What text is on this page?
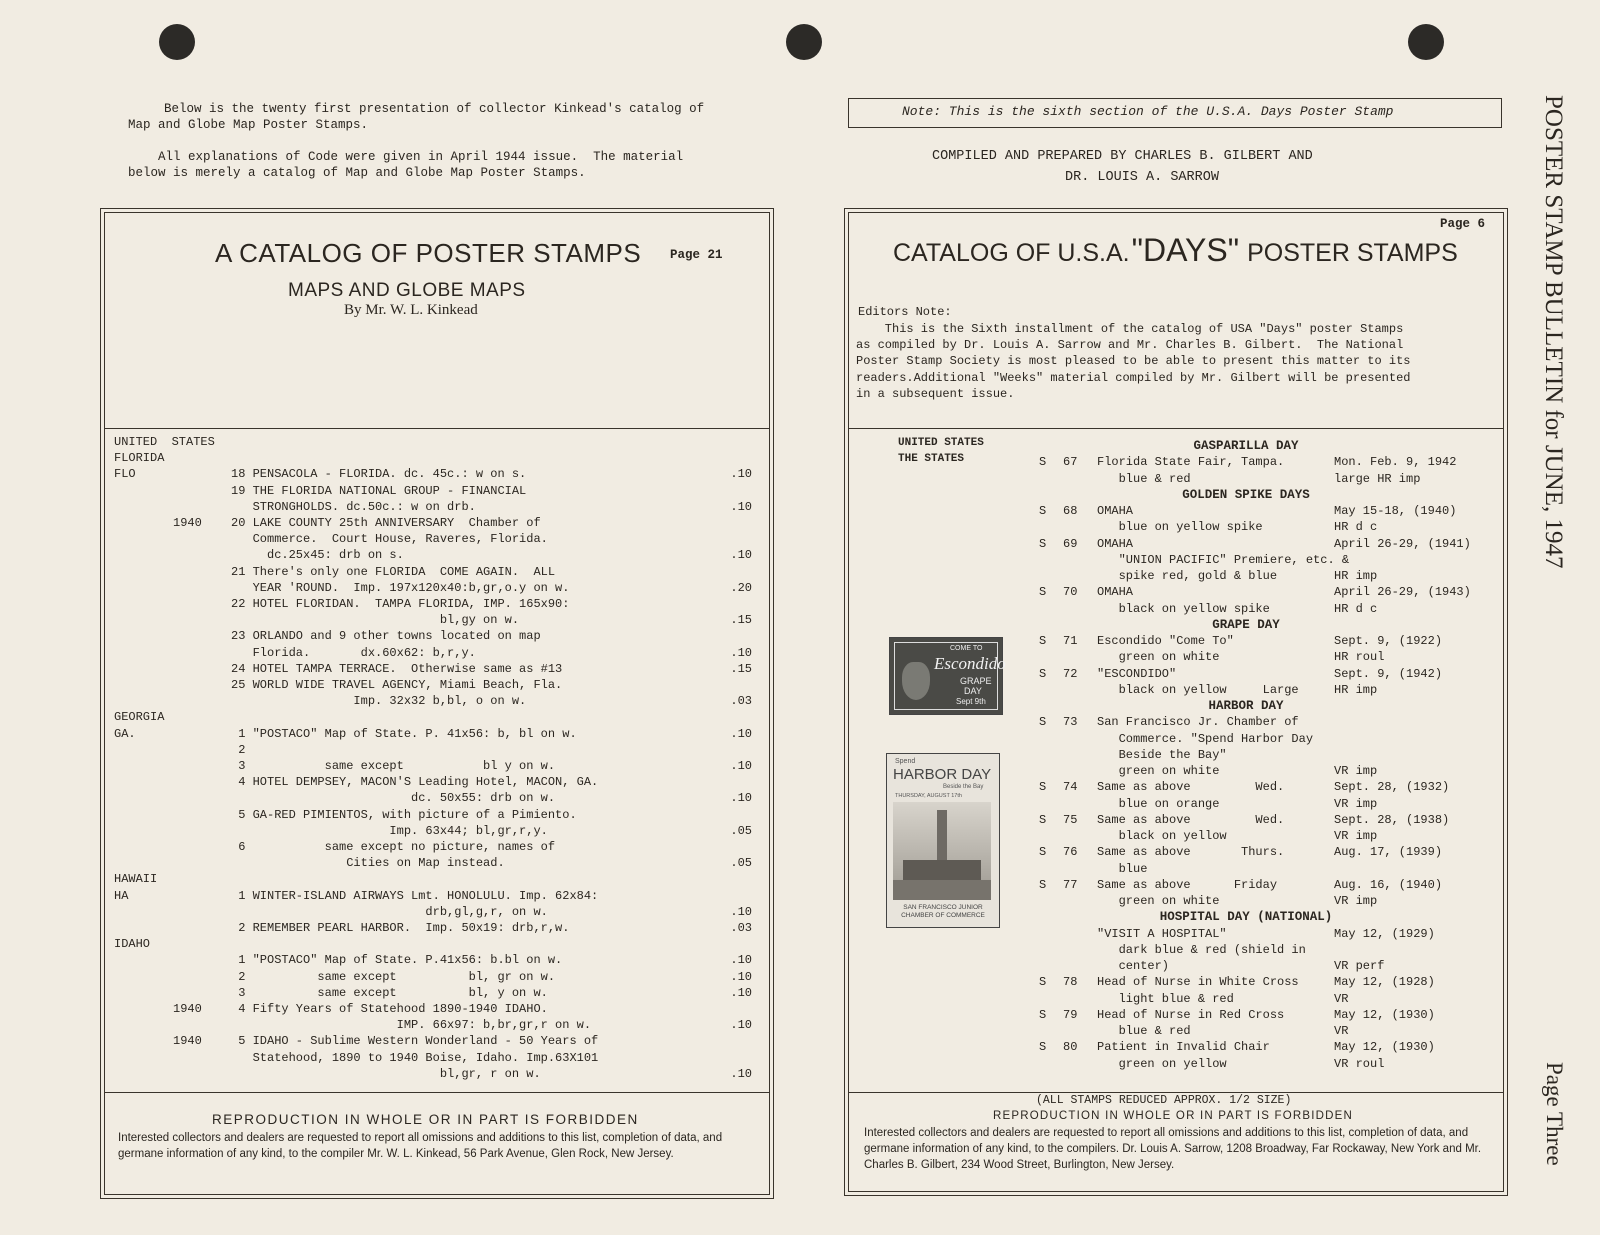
Below is the twenty first presentation of collector Kinkead's catalog of
Map and Globe Map Poster Stamps.
All explanations of Code were given in April 1944 issue.  The material
below is merely a catalog of Map and Globe Map Poster Stamps.
A CATALOG OF POSTER STAMPS Page 21
MAPS AND GLOBE MAPS
By Mr. W. L. Kinkead
UNITED  STATES
FLORIDA
FLO	18 PENSACOLA - FLORIDA. dc. 45c.: w on s.	.10
19 THE FLORIDA NATIONAL GROUP - FINANCIAL
STRONGHOLDS. dc.50c.: w on drb.	.10
1940 20 LAKE COUNTY 25th ANNIVERSARY  Chamber of
Commerce.  Court House, Raveres, Florida.
dc.25x45: drb on s.	.10
21 There's only one FLORIDA  COME AGAIN.  ALL
YEAR 'ROUND.  Imp. 197x120x40:b,gr,o.y on w.	.20
22 HOTEL FLORIDAN.  TAMPA FLORIDA, IMP. 165x90:
bl,gy on w.	.15
23 ORLANDO and 9 other towns located on map
Florida.       dx.60x62: b,r,y.	.10
24 HOTEL TAMPA TERRACE.  Otherwise same as #13	.15
25 WORLD WIDE TRAVEL AGENCY, Miami Beach, Fla.
Imp. 32x32 b,bl, o on w.	.03
GEORGIA
GA.	1 "POSTACO" Map of State. P. 41x56: b, bl on w.	.10
2
3           same except           bl y on w.	.10
4 HOTEL DEMPSEY, MACON'S Leading Hotel, MACON, GA.
dc. 50x55: drb on w.	.10
5 GA-RED PIMIENTOS, with picture of a Pimiento.
Imp. 63x44; bl,gr,r,y.	.05
6           same except no picture, names of
Cities on Map instead.	.05
HAWAII
HA	1 WINTER-ISLAND AIRWAYS Lmt. HONOLULU. Imp. 62x84:
drb,gl,g,r, on w.	.10
2 REMEMBER PEARL HARBOR.  Imp. 50x19: drb,r,w.	.03
IDAHO
1 "POSTACO" Map of State. P.41x56: b.bl on w.	.10
2          same except          bl, gr on w.	.10
3          same except          bl, y on w.	.10
1940 4 Fifty Years of Statehood 1890-1940 IDAHO.
IMP. 66x97: b,br,gr,r on w.	.10
1940 5 IDAHO - Sublime Western Wonderland - 50 Years of
Statehood, 1890 to 1940 Boise, Idaho. Imp.63X101
bl,gr, r on w.	.10
REPRODUCTION IN WHOLE OR IN PART IS FORBIDDEN
Interested collectors and dealers are requested to report all omissions and additions to this list, completion of data, and germane information of any kind, to the compiler Mr. W. L. Kinkead, 56 Park Avenue, Glen Rock, New Jersey.
Note: This is the sixth section of the U.S.A. Days Poster Stamp
COMPILED AND PREPARED BY CHARLES B. GILBERT AND
DR. LOUIS A. SARROW
Page 6
CATALOG OF U.S.A."DAYS" POSTER STAMPS
Editors Note:
This is the Sixth installment of the catalog of USA "Days" poster Stamps
as compiled by Dr. Louis A. Sarrow and Mr. Charles B. Gilbert.  The National
Poster Stamp Society is most pleased to be able to present this matter to its
readers.Additional "Weeks" material compiled by Mr. Gilbert will be presented
in a subsequent issue.
UNITED STATES
THE STATES
COME TO
Escondido
GRAPE
DAY
Sept 9th
Spend
HARBOR DAY
Beside the Bay
THURSDAY, AUGUST 17th
SAN FRANCISCO JUNIOR CHAMBER OF COMMERCE
GASPARILLA DAY
S 67 Florida State Fair, Tampa.	Mon. Feb. 9, 1942
blue & red	large HR imp
GOLDEN SPIKE DAYS
S 68 OMAHA	May 15-18, (1940)
blue on yellow spike	HR d c
S 69 OMAHA	April 26-29, (1941)
"UNION PACIFIC" Premiere, etc. &
spike red, gold & blue	HR imp
S 70 OMAHA	April 26-29, (1943)
black on yellow spike	HR d c
GRAPE DAY
S 71 Escondido "Come To"	Sept. 9, (1922)
green on white	HR roul
S 72 "ESCONDIDO"	Sept. 9, (1942)
black on yellow     Large	HR imp
HARBOR DAY
S 73 San Francisco Jr. Chamber of
Commerce. "Spend Harbor Day
Beside the Bay"
green on white	VR imp
S 74 Same as above         Wed.	Sept. 28, (1932)
blue on orange	VR imp
S 75 Same as above         Wed.	Sept. 28, (1938)
black on yellow	VR imp
S 76 Same as above       Thurs.	Aug. 17, (1939)
blue
S 77 Same as above      Friday	Aug. 16, (1940)
green on white	VR imp
HOSPITAL DAY (NATIONAL)
"VISIT A HOSPITAL"	May 12, (1929)
dark blue & red (shield in
center)	VR perf
S 78 Head of Nurse in White Cross	May 12, (1928)
light blue & red	VR
S 79 Head of Nurse in Red Cross	May 12, (1930)
blue & red	VR
S 80 Patient in Invalid Chair	May 12, (1930)
green on yellow	VR roul
(ALL STAMPS REDUCED APPROX. 1/2 SIZE)
REPRODUCTION IN WHOLE OR IN PART IS FORBIDDEN
Interested collectors and dealers are requested to report all omissions and additions to this list, completion of data, and germane information of any kind, to the compilers. Dr. Louis A. Sarrow, 1208 Broadway, Far Rockaway, New York and Mr. Charles B. Gilbert, 234 Wood Street, Burlington, New Jersey.
POSTER STAMP BULLETIN for JUNE, 1947
Page Three
